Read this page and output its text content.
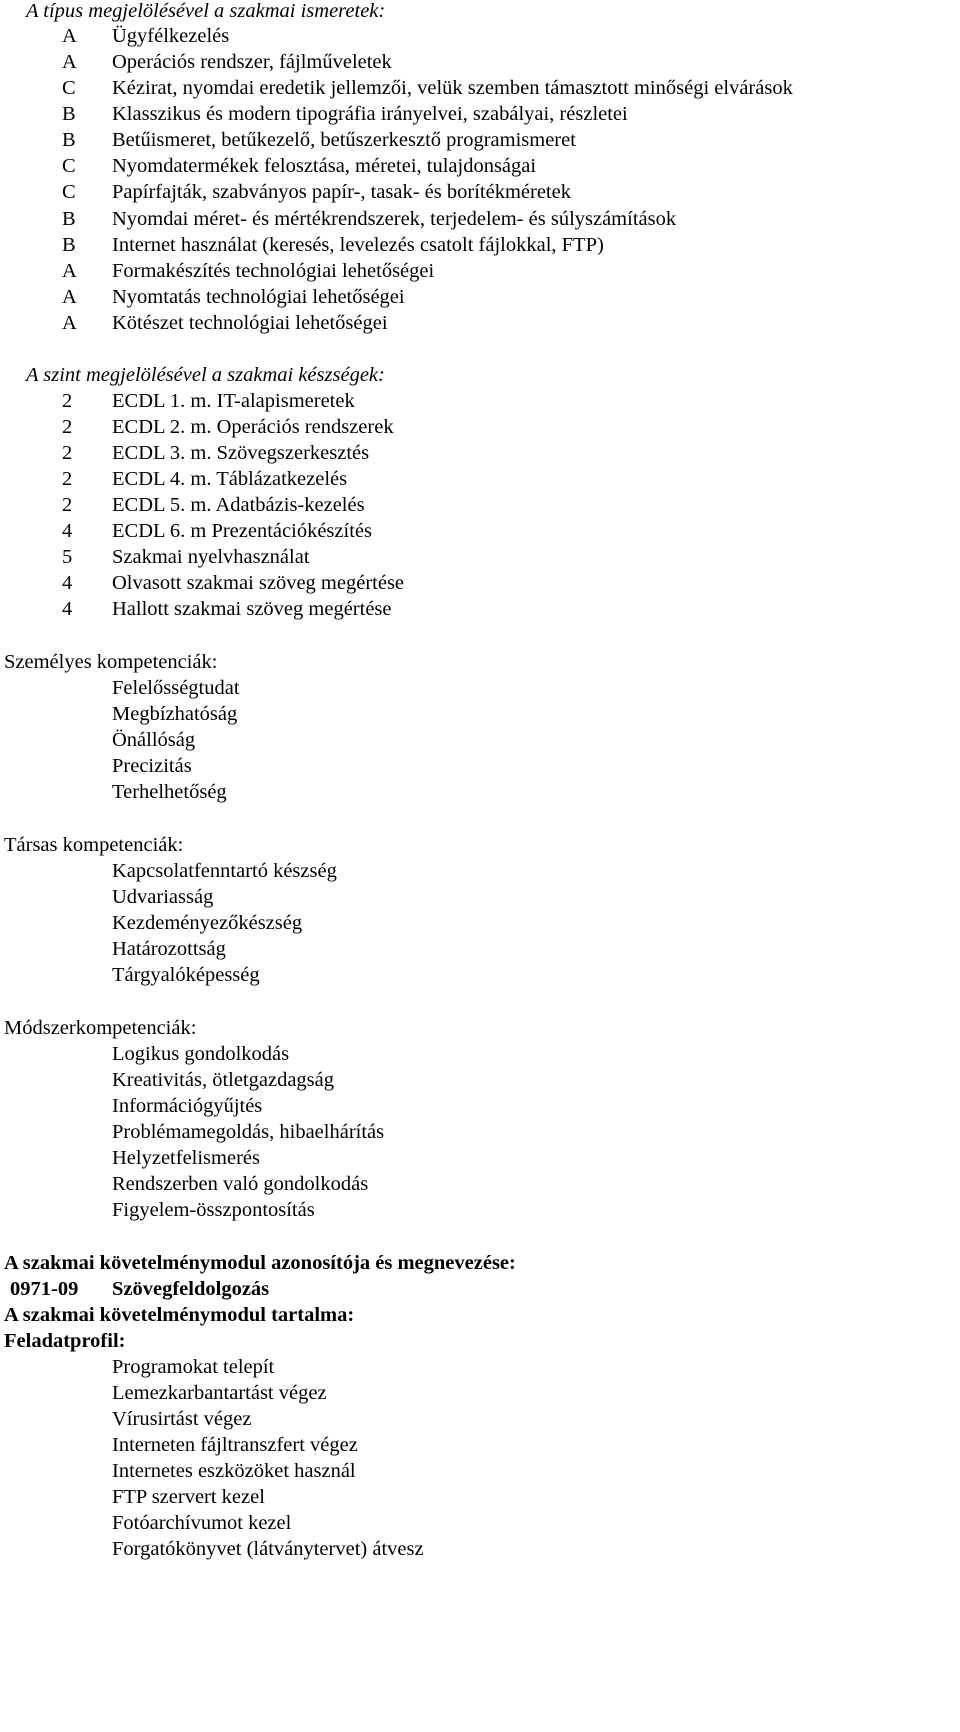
A típus megjelölésével a szakmai ismeretek:
A	Ügyfélkezelés
A	Operációs rendszer, fájlműveletek
C	Kézirat, nyomdai eredetik jellemzői, velük szemben támasztott minőségi elvárások
B	Klasszikus és modern tipográfia irányelvei, szabályai, részletei
B	Betűismeret, betűkezelő, betűszerkesztő programismeret
C	Nyomdatermékek felosztása, méretei, tulajdonságai
C	Papírfajták, szabványos papír-, tasak- és borítékméretek
B	Nyomdai méret- és mértékrendszerek, terjedelem- és súlyszámítások
B	Internet használat (keresés, levelezés csatolt fájlokkal, FTP)
A	Formakészítés technológiai lehetőségei
A	Nyomtatás technológiai lehetőségei
A	Kötészet technológiai lehetőségei
A szint megjelölésével a szakmai készségek:
2	ECDL 1. m. IT-alapismeretek
2	ECDL 2. m. Operációs rendszerek
2	ECDL 3. m. Szövegszerkesztés
2	ECDL 4. m. Táblázatkezelés
2	ECDL 5. m. Adatbázis-kezelés
4	ECDL 6. m Prezentációkészítés
5	Szakmai nyelvhasználat
4	Olvasott szakmai szöveg megértése
4	Hallott szakmai szöveg megértése
Személyes kompetenciák:
Felelősségtudat
Megbízhatóság
Önállóság
Precizitás
Terhelhetőség
Társas kompetenciák:
Kapcsolatfenntartó készség
Udvariasság
Kezdeményezőkészség
Határozottság
Tárgyalóképesség
Módszerkompetenciák:
Logikus gondolkodás
Kreativitás, ötletgazdagság
Információgyűjtés
Problémamegoldás, hibaelhárítás
Helyzetfelismerés
Rendszerben való gondolkodás
Figyelem-összpontosítás
A szakmai követelménymodul azonosítója és megnevezése:
0971-09 Szövegfeldolgozás
A szakmai követelménymodul tartalma:
Feladatprofil:
Programokat telepít
Lemezkarbantartást végez
Vírusirtást végez
Interneten fájltranszfert végez
Internetes eszközöket használ
FTP szervert kezel
Fotóarchívumot kezel
Forgatókönyvet (látványtervet) átvesz
